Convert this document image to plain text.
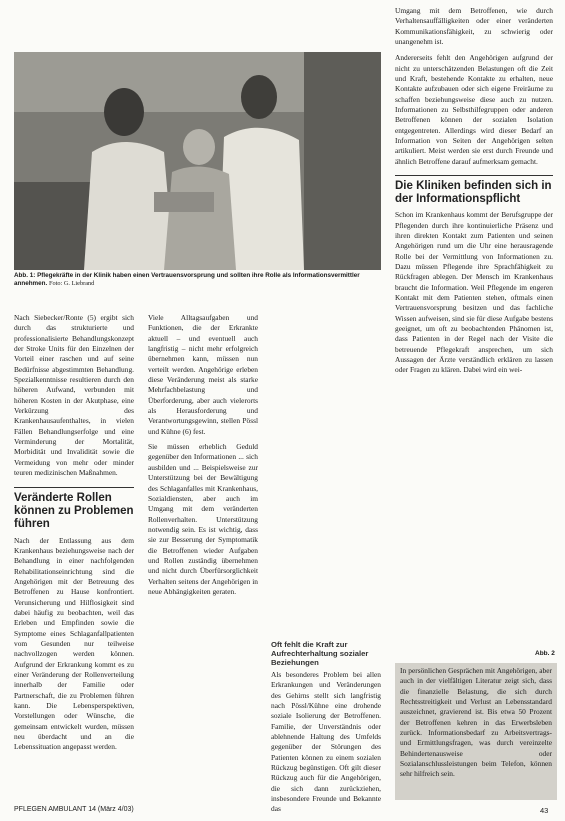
Abb. 1: Pflegekräfte in der Klinik haben einen Vertrauensvorsprung und sollten ihre Rolle als Informationsvermittler annehmen. Foto: G. Liebrand

Nach Siebecker/Ronte (5) ergibt sich durch das strukturierte und professionalisierte Behandlungskonzept der Stroke Units für den Einzelnen der Vorteil einer raschen und auf seine Bedürfnisse abgestimmten Behandlung. Spezialkenntnisse resultieren durch den höheren Aufwand, verbunden mit höheren Kosten in der Akutphase, eine Verkürzung des Krankenhausaufenthaltes, in vielen Fällen Behandlungserfolge und eine Verminderung der Mortalität, Morbidität und Invalidität sowie die Vermeidung von mehr oder minder teuren medizinischen Maßnahmen.

Veränderte Rollen können zu Problemen führen

Nach der Entlassung aus dem Krankenhaus beziehungsweise nach der Behandlung in einer nachfolgenden Rehabilitationseinrichtung sind die Angehörigen mit der Betreuung des Betroffenen zu Hause konfrontiert. Verunsicherung und Hilflosigkeit sind dabei häufig zu beobachten, weil das Erleben und Empfinden sowie die Symptome eines Schlaganfallpatienten vom Gesunden nur teilweise nachvollzogen werden können. Aufgrund der Erkrankung kommt es zu einer Veränderung der Rollenverteilung innerhalb der Familie oder Partnerschaft, die zu Problemen führen kann. Die Lebensperspektiven, Vorstellungen oder Wünsche, die gemeinsam entwickelt wurden, müssen neu überdacht und an die Lebenssituation angepasst werden.

Viele Alltagsaufgaben und Funktionen, die der Erkrankte aktuell – und eventuell auch langfristig – nicht mehr erfolgreich übernehmen kann, müssen nun verteilt werden. Angehörige erleben diese Veränderung meist als starke Mehrfachbelastung und Überforderung, aber auch vielerorts als Herausforderung und Verantwortungsgewinn, stellen Pössl und Kühne (6) fest.

Sie müssen erheblich Geduld gegenüber den Informationen ... sich ausbilden und ... Beispielsweise zur Unterstützung bei der Bewältigung des Schlaganfalles mit Krankenhaus, Sozialdiensten, aber auch im Umgang mit dem veränderten Rollenverhalten. Unterstützung notwendig sein. Es ist wichtig, dass sie zur Besserung der Symptomatik die Betroffenen wieder Aufgaben und Rollen zuständig übernehmen und nicht durch Überfürsorglichkeit Verhalten seitens der Angehörigen in neue Abhängigkeiten geraten.

Oft fehlt die Kraft zur Aufrechterhaltung sozialer Beziehungen

Als besonderes Problem bei allen Erkrankungen und Veränderungen des Gehirns stellt sich langfristig nach Pössl/Kühne eine drohende soziale Isolierung der Betroffenen. Familie, der Unverständnis oder ablehnende Haltung des Umfelds gegenüber der Störungen des Patienten können zu einem sozialen Rückzug begünstigen. Oft gilt dieser Rückzug auch für die Angehörigen, die sich dann zurückziehen, insbesondere Freunde und Bekannte das

Umgang mit dem Betroffenen, wie durch Verhaltensauffälligkeiten oder einer veränderten Kommunikationsfähigkeit, zu schwierig oder unangenehm ist.

Andererseits fehlt den Angehörigen aufgrund der nicht zu unterschätzenden Belastungen oft die Zeit und Kraft, bestehende Kontakte zu erhalten, neue Kontakte aufzubauen oder sich eigene Freiräume zu schaffen beziehungsweise diese auch zu nutzen. Informationen zu Selbsthilfegruppen oder anderen Betroffenen können der sozialen Isolation entgegentreten. Allerdings wird dieser Bedarf an Information von Seiten der Angehörigen selten artikuliert. Meist werden sie erst durch Freunde und ähnlich Betroffene darauf aufmerksam gemacht.

Die Kliniken befinden sich in der Informationspflicht

Schon im Krankenhaus kommt der Berufsgruppe der Pflegenden durch ihre kontinuierliche Präsenz und ihren direkten Kontakt zum Patienten und seinen Angehörigen rund um die Uhr eine herausragende Rolle bei der Vermittlung von Informationen zu. Dazu müssen Pflegende ihre Sprachfähigkeit zu Rückfragen ablegen. Der Mensch im Krankenhaus braucht die Information. Weil Pflegende im engeren Kontakt mit dem Patienten stehen, oftmals einen Vertrauensvorsprung besitzen und das fachliche Wissen aufweisen, sind sie für diese Aufgabe bestens geeignet, um oft zu beobachtenden Phänomen ist, dass Patienten in der Regel nach der Visite die betreuende Pflegekraft ansprechen, um sich Aussagen der Ärzte verständlich erklären zu lassen oder Fragen zu klären. Dabei wird ein wei-

Abb. 2

In persönlichen Gesprächen mit Angehörigen, aber auch in der vielfältigen Literatur zeigt sich, dass die finanzielle Belastung, die sich durch Rechtsstreitigkeit und Verlust an Lebensstandard auszeichnet, gravierend ist. Bis etwa 50 Prozent der Betroffenen kehren in das Erwerbsleben zurück. Informationsbedarf zu Arbeitsvertrags- und Ermittlungsfragen, was durch vereinzelte Behindertenausweise oder Sozialanschlussleistungen beim Telefon, können sehr hilfreich sein.

PFLEGEN AMBULANT 14 (März 4/03)	43
